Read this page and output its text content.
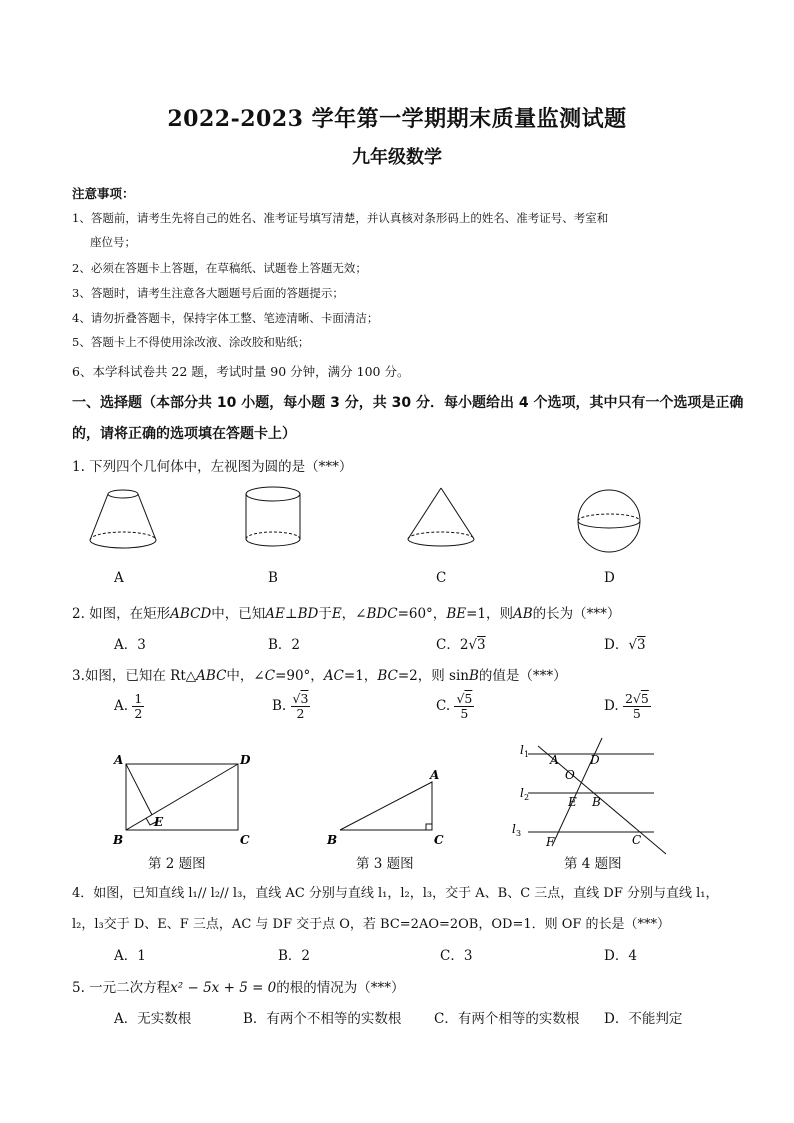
2022-2023 学年第一学期期末质量监测试题
九年级数学
注意事项：
1、答题前，请考生先将自己的姓名、准考证号填写清楚，并认真核对条形码上的姓名、准考证号、考室和
座位号；
2、必须在答题卡上答题，在草稿纸、试题卷上答题无效；
3、答题时，请考生注意各大题题号后面的答题提示；
4、请勿折叠答题卡，保持字体工整、笔迹清晰、卡面清洁；
5、答题卡上不得使用涂改液、涂改胶和贴纸；
6、本学科试卷共 22 题，考试时量 90 分钟，满分 100 分。
一、选择题（本部分共 10 小题，每小题 3 分，共 30 分．每小题给出 4 个选项，其中只有一个选项是正确
的，请将正确的选项填在答题卡上）
1. 下列四个几何体中，左视图为圆的是（***）
A	B	C	D
2. 如图，在矩形ABCD中，已知AE⊥BD于E，∠BDC=60°，BE=1，则AB的长为（***）
A．3	B．2	C．2√3	D．√3
3.如图，已知在 Rt△ABC中，∠C=90°，AC=1，BC=2，则 sinB的值是（***）
A. $\frac{1}{2}$	B. $\frac{√3}{2}$	C. $\frac{√5}{5}$	D. $\frac{2√5}{5}$
A	D
B	C
E
第 2 题图
A
B	C
第 3 题图
l 1
l 2
l 3
A	D
O
E B
F	C
第 4 题图
4．如图，已知直线 l₁// l₂// l₃，直线 AC 分别与直线 l₁，l₂，l₃，交于 A、B、C 三点，直线 DF 分别与直线 l₁，
l₂，l₃交于 D、E、F 三点，AC 与 DF 交于点 O，若 BC=2AO=2OB，OD=1．则 OF 的长是（***）
A．1	B．2	C．3	D．4
5. 一元二次方程x² − 5x + 5 = 0的根的情况为（***）
A．无实数根	B．有两个不相等的实数根 C．有两个相等的实数根 D．不能判定
